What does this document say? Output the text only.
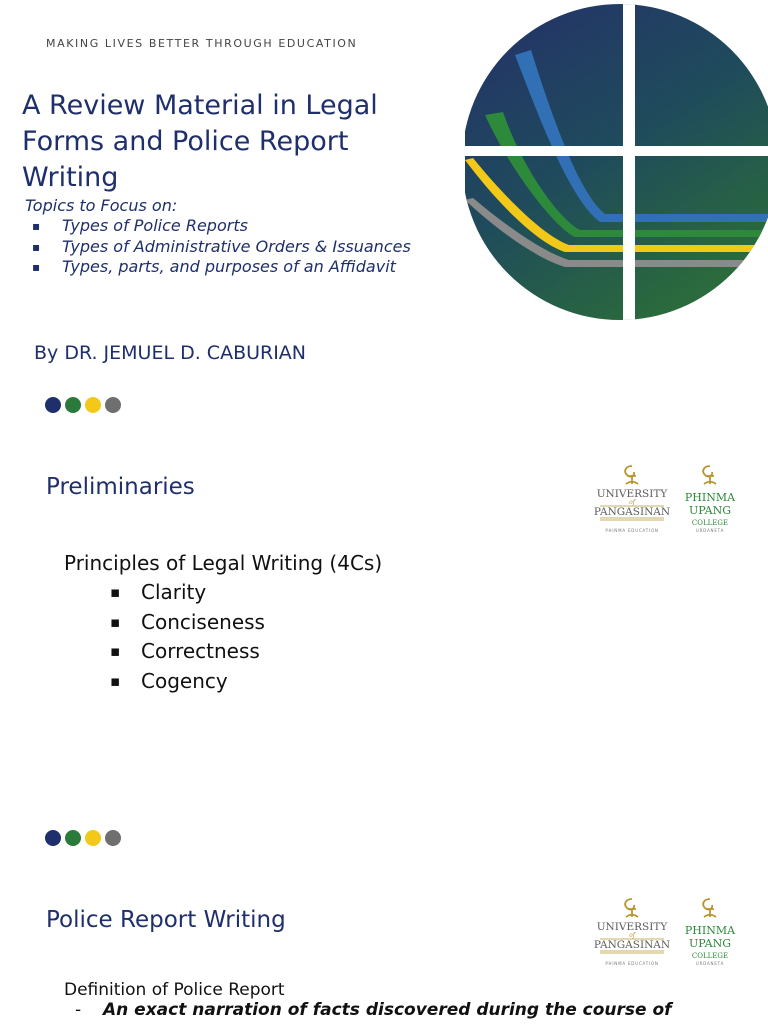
MAKING LIVES BETTER THROUGH EDUCATION
A Review Material in Legal Forms and Police Report Writing
Topics to Focus on:
▪ Types of Police Reports
▪ Types of Administrative Orders & Issuances
▪ Types, parts, and purposes of an Affidavit
By DR. JEMUEL D. CABURIAN
Preliminaries	UNIVERSITY
of
PANGASINAN
PHINMA EDUCATION
PHINMA
UPANG
COLLEGE
URDANETA
Principles of Legal Writing (4Cs)
▪ Clarity
▪ Conciseness
▪ Correctness
▪ Cogency
Police Report Writing	UNIVERSITY
of
PANGASINAN
PHINMA EDUCATION
PHINMA
UPANG
COLLEGE
URDANETA
Definition of Police Report
- An exact narration of facts discovered during the course of
